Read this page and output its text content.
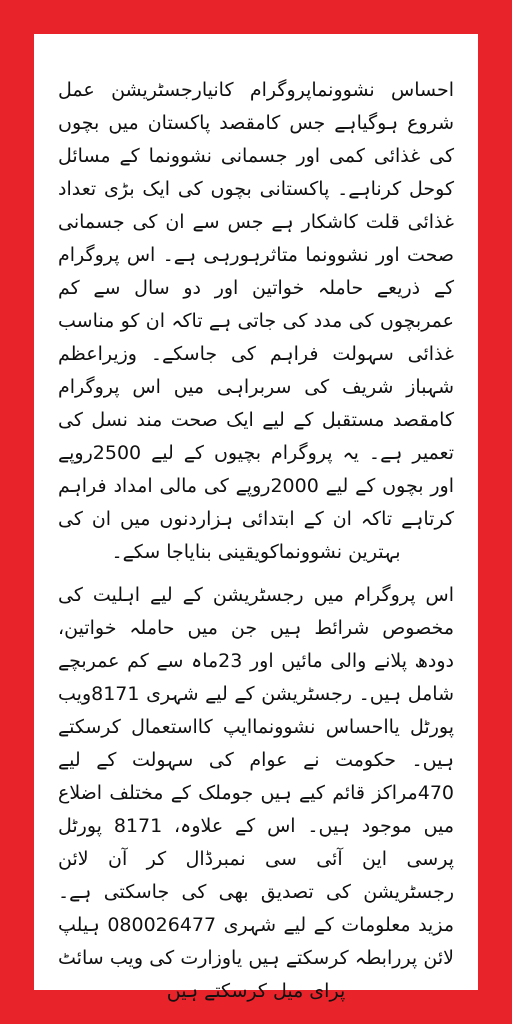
احساس نشوونماپروگرام کانیارجسٹریشن عمل شروع ہوگیاہے جس کامقصد پاکستان میں بچوں کی غذائی کمی اور جسمانی نشوونما کے مسائل کوحل کرناہے۔ پاکستانی بچوں کی ایک بڑی تعداد غذائی قلت کاشکار ہے جس سے ان کی جسمانی صحت اور نشوونما متاثرہورہی ہے۔ اس پروگرام کے ذریعے حاملہ خواتین اور دو سال سے کم عمربچوں کی مدد کی جاتی ہے تاکہ ان کو مناسب غذائی سہولت فراہم کی جاسکے۔ وزیراعظم شہباز شریف کی سربراہی میں اس پروگرام کامقصد مستقبل کے لیے ایک صحت مند نسل کی تعمیر ہے۔ یہ پروگرام بچیوں کے لیے 2500روپے اور بچوں کے لیے 2000روپے کی مالی امداد فراہم کرتاہے تاکہ ان کے ابتدائی ہزاردنوں میں ان کی بہترین نشوونماکویقینی بنایاجا سکے۔

اس پروگرام میں رجسٹریشن کے لیے اہلیت کی مخصوص شرائط ہیں جن میں حاملہ خواتین، دودھ پلانے والی مائیں اور 23ماہ سے کم عمربچے شامل ہیں۔ رجسٹریشن کے لیے شہری 8171ویب پورٹل یااحساس نشوونماایپ کااستعمال کرسکتے ہیں۔ حکومت نے عوام کی سہولت کے لیے 470مراکز قائم کیے ہیں جوملک کے مختلف اضلاع میں موجود ہیں۔ اس کے علاوہ، 8171 پورٹل پرسی این آئی سی نمبرڈال کر آن لائن رجسٹریشن کی تصدیق بھی کی جاسکتی ہے۔ مزید معلومات کے لیے شہری 080026477 ہیلپ لائن پررابطہ کرسکتے ہیں یاوزارت کی ویب سائٹ پرای میل کرسکتے ہیں
